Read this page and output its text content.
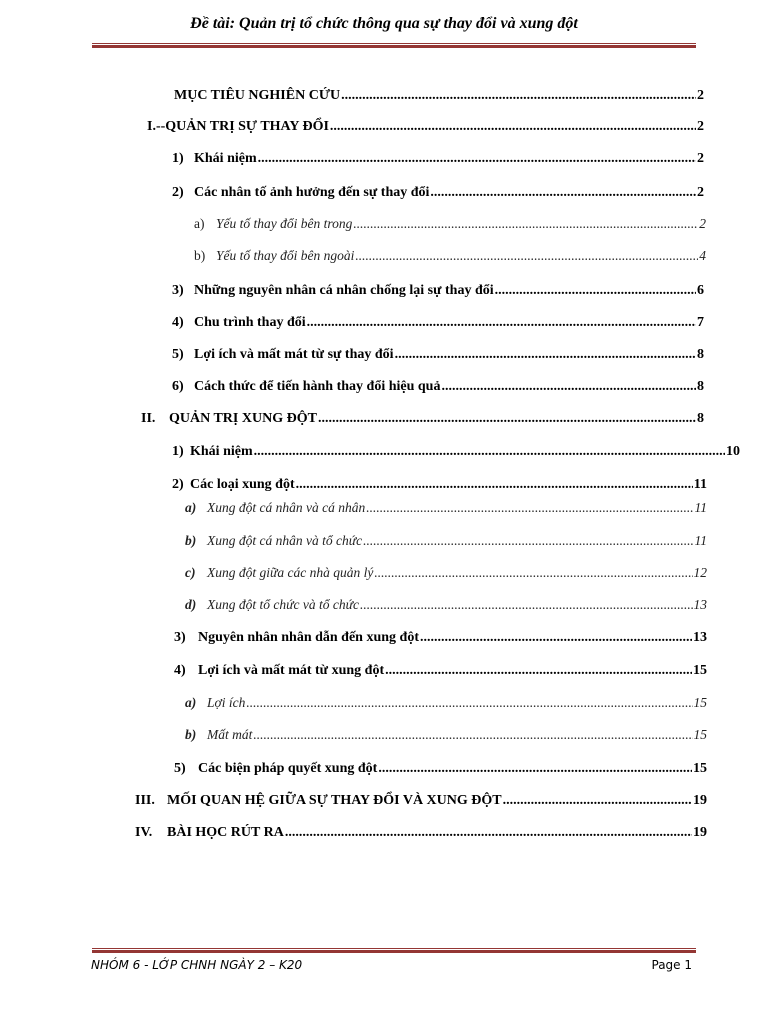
Đề tài: Quản trị tổ chức thông qua sự thay đổi và xung đột
MỤC TIÊU NGHIÊN CỨU .....	2
I.-- QUẢN TRỊ SỰ THAY ĐỔI .....	2
1) Khái niệm .....	2
2) Các nhân tố ảnh hưởng đến sự thay đổi .....	2
a) Yếu tố thay đổi bên trong .....	2
b) Yếu tố thay đổi bên ngoài .....	4
3) Những nguyên nhân cá nhân chống lại sự thay đổi .....	6
4) Chu trình thay đổi .....	7
5) Lợi ích và mất mát từ sự thay đổi .....	8
6) Cách thức để tiến hành thay đổi hiệu quả .....	8
II. QUẢN TRỊ XUNG ĐỘT .....	8
1) Khái niệm .....	10
2) Các loại xung đột .....	11
a) Xung đột cá nhân và cá nhân .....	11
b) Xung đột cá nhân và tổ chức .....	11
c) Xung đột giữa các nhà quản lý .....	12
d) Xung đột tổ chức và tổ chức .....	13
3) Nguyên nhân nhân dẫn đến xung đột .....	13
4) Lợi ích và mất mát từ xung đột .....	15
a) Lợi ích .....	15
b) Mất mát .....	15
5) Các biện pháp quyết xung đột .....	15
III. MỐI QUAN HỆ GIỮA SỰ THAY ĐỔI VÀ XUNG ĐỘT .....	19
IV.	BÀI HỌC RÚT RA .....	19
NHÓM 6 - LỚP CHNH NGÀY 2 – K20	Page 1
